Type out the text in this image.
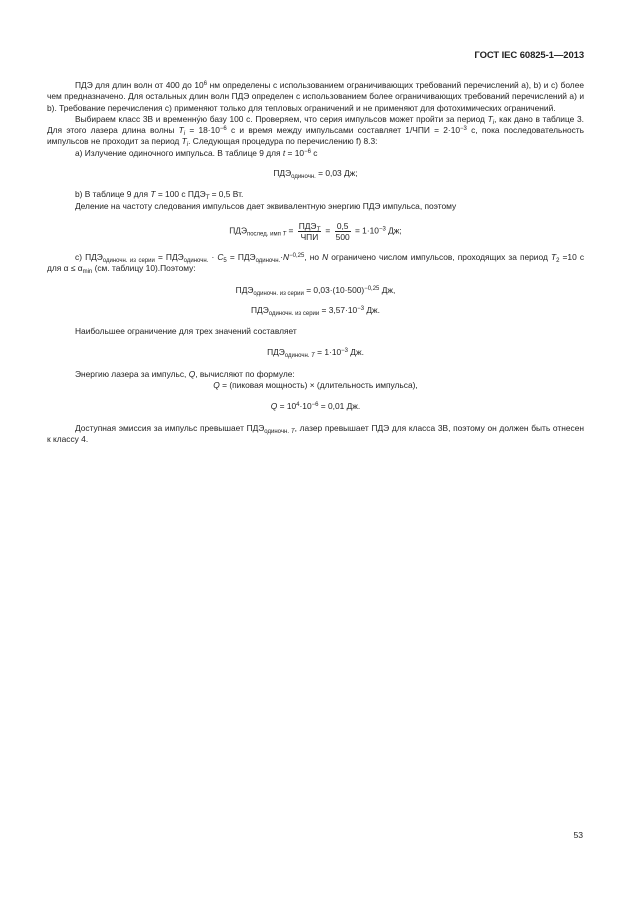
ГОСТ IEC 60825-1—2013

ПДЭ для длин волн от 400 до $10^6$ нм определены с использованием ограничивающих требований перечислений а), b) и с) более чем предназначено. Для остальных длин волн ПДЭ определен с использованием более ограничивающих требований перечислений а) и b). Требование перечисления с) применяют только для тепловых ограничений и не применяют для фотохимических ограничений.

Выбираем класс 3В и временну́ю базу 100 с. Проверяем, что серия импульсов может пройти за период $T_i$, как дано в таблице 3. Для этого лазера длина волны $T_i = 18\cdot 10^{-6}$ с и время между импульсами составляет $1/ЧПИ = 2\cdot 10^{-3}$ с, пока последовательность импульсов не проходит за период $T_i$. Следующая процедура по перечислению f) 8.3:

а) Излучение одиночного импульса. В таблице 9 для $t = 10^{-6}$ с

$ПДЭ_{одиночн.} = 0,03$ Дж;

b) В таблице 9 для T = 100 с $ПДЭ_T = 0,5$ Вт.

Деление на частоту следования импульсов дает эквивалентную энергию ПДЭ импульса, поэтому

$ПДЭ_{послед. имп T} = \frac{ПДЭ_T}{\text{ЧПИ}} = \frac{0,5}{500} = 1\cdot 10^{-3}$ Дж;

с) $ПДЭ_{одиночн. из серии} = ПДЭ_{одиночн.} \cdot C_5 = ПДЭ_{одиночн.}\cdot N^{-0,25}$, но N ограничено числом импульсов, проходящих за период $T_2 =10$ с для $\alpha \le \alpha_{min}$ (см. таблицу 10).Поэтому:

$ПДЭ_{одиночн. из серии} = 0,03\cdot(10\cdot 500)^{-0,25}$ Дж,

$ПДЭ_{одиночн. из серии} = 3,57\cdot 10^{-3}$ Дж.

Наибольшее ограничение для трех значений составляет

$ПДЭ_{одиночн. T} = 1\cdot 10^{-3}$ Дж.

Энергию лазера за импульс, Q, вычисляют по формуле:

Q = (пиковая мощность) × (длительность импульса),

$Q = 10^4\cdot 10^{-6} = 0,01$ Дж.

Доступная эмиссия за импульс превышает $ПДЭ_{одиночн. T}$, лазер превышает ПДЭ для класса 3В, поэтому он должен быть отнесен к классу 4.

53
